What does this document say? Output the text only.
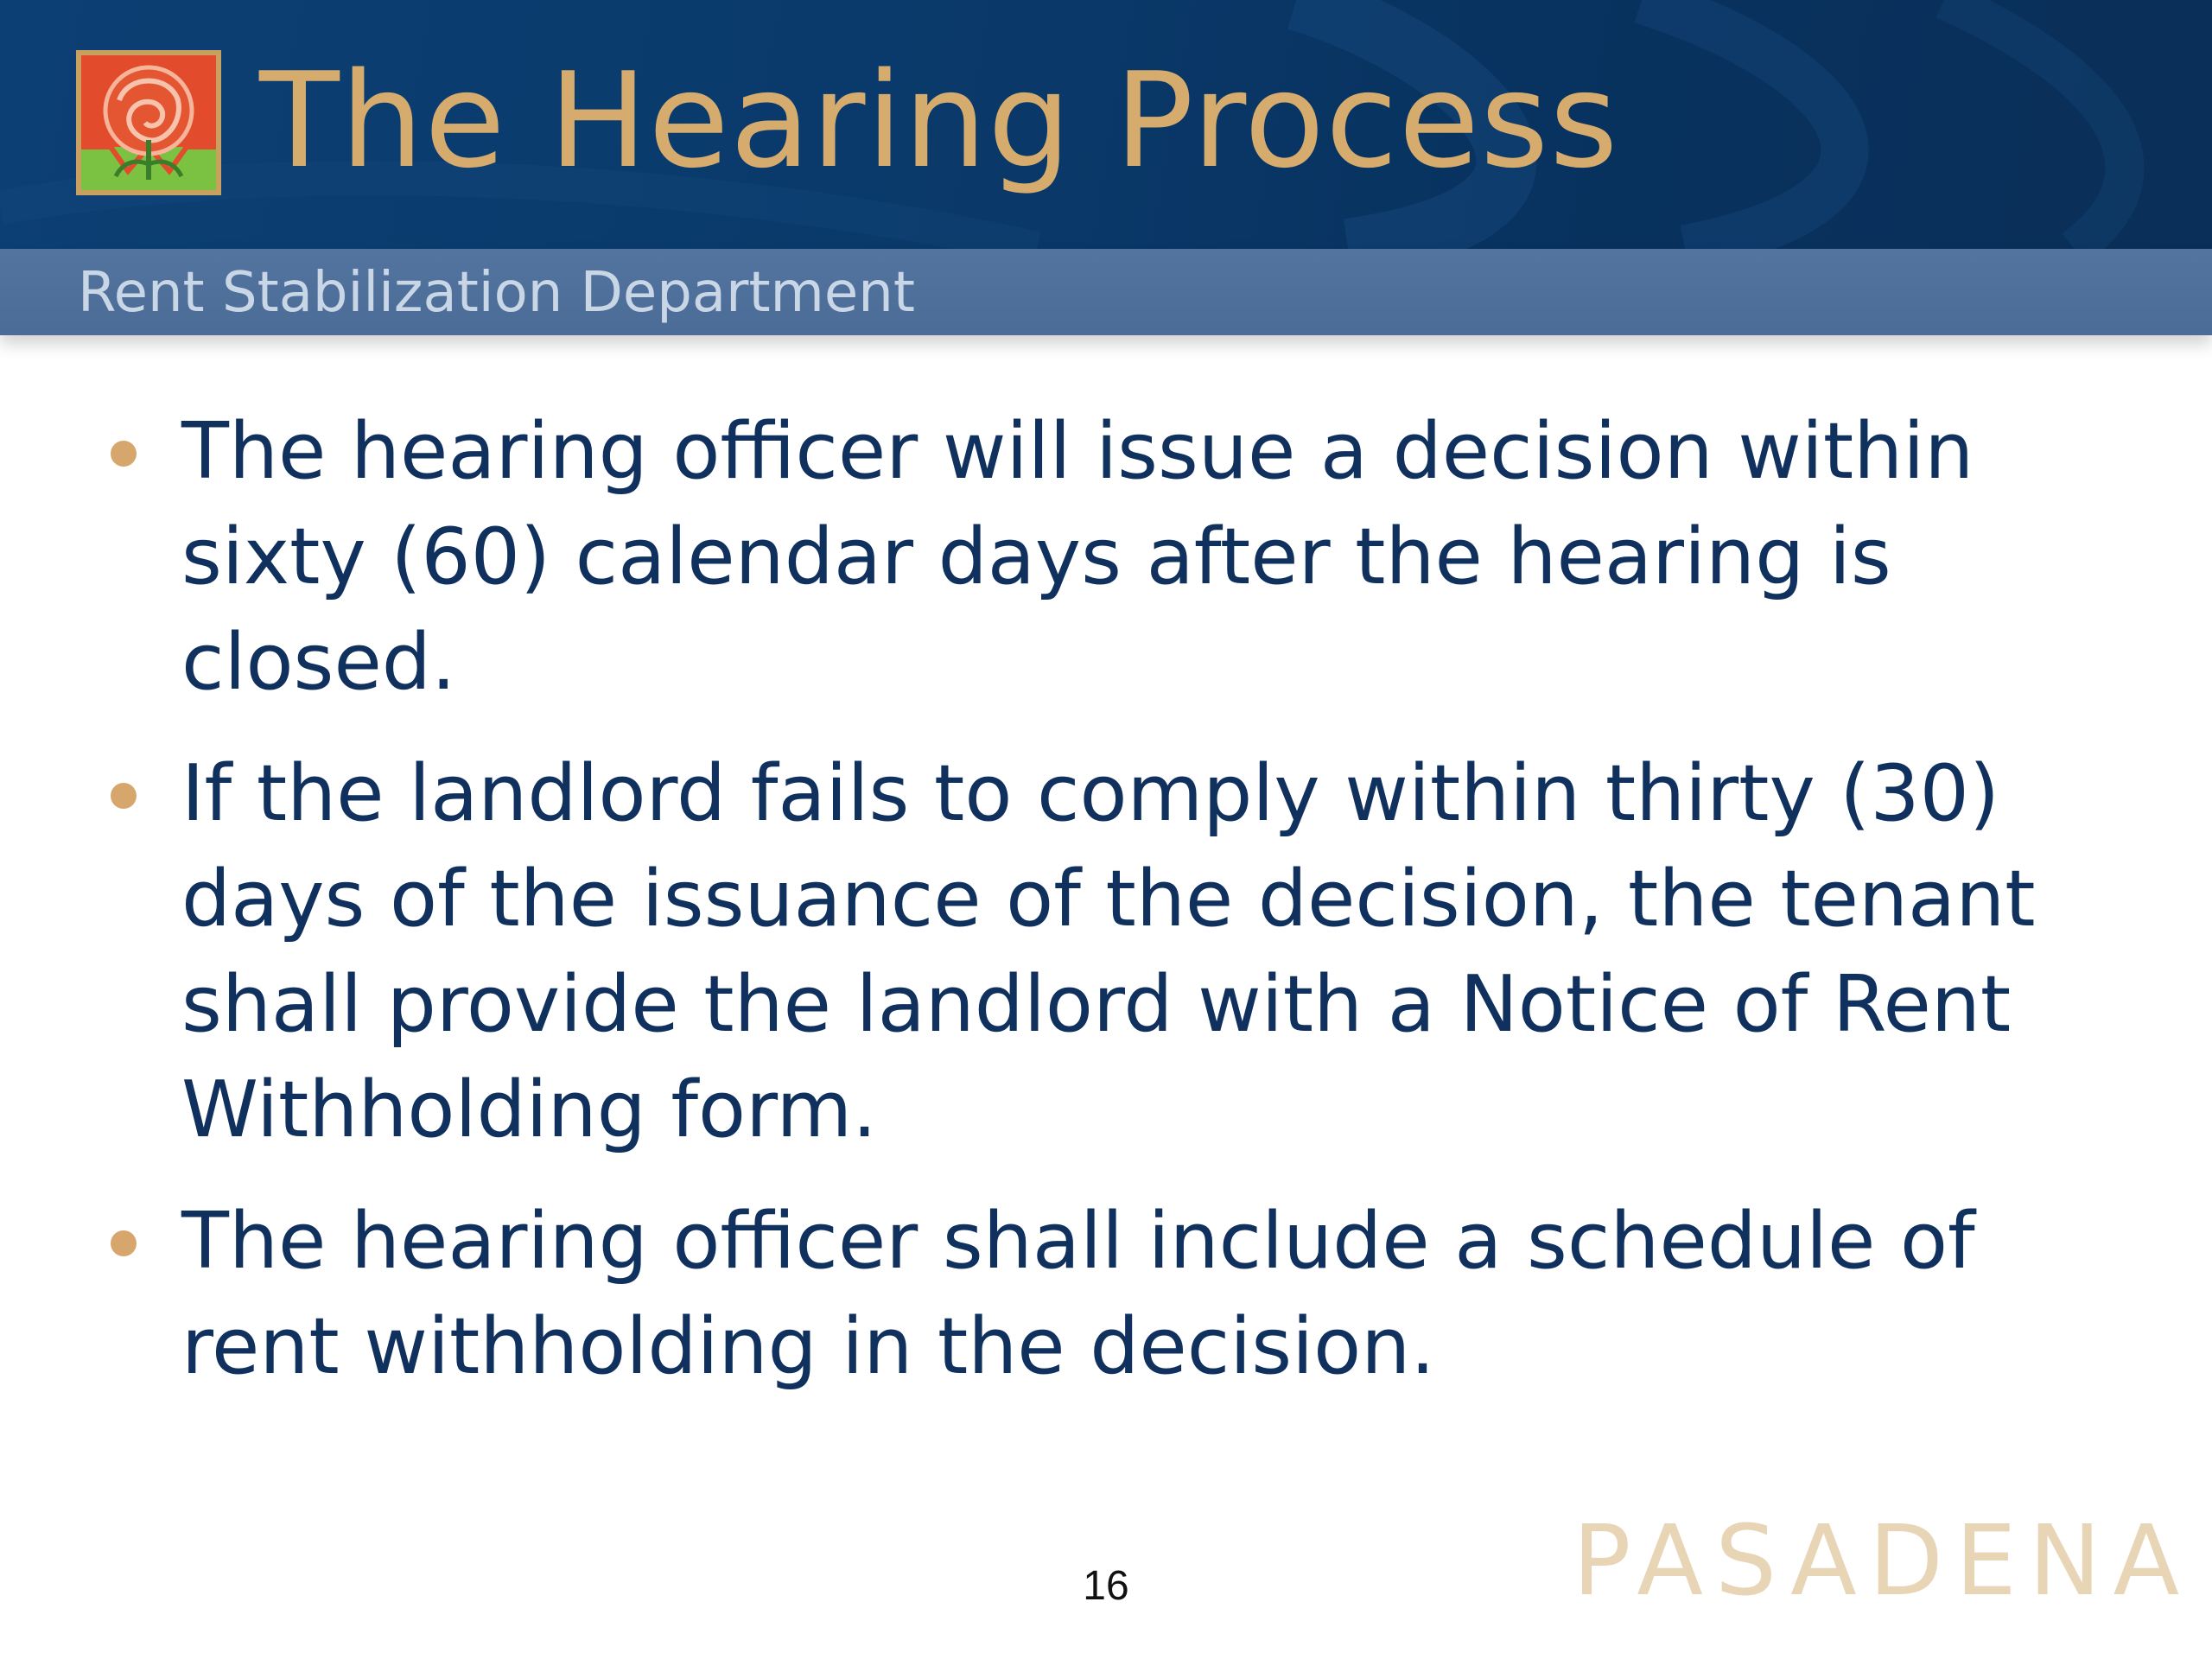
The Hearing Process
Rent Stabilization Department
The hearing officer will issue a decision within sixty (60) calendar days after the hearing is closed.
If the landlord fails to comply within thirty (30) days of the issuance of the decision, the tenant shall provide the landlord with a Notice of Rent Withholding form.
The hearing officer shall include a schedule of rent withholding in the decision.
16	PASADENA
